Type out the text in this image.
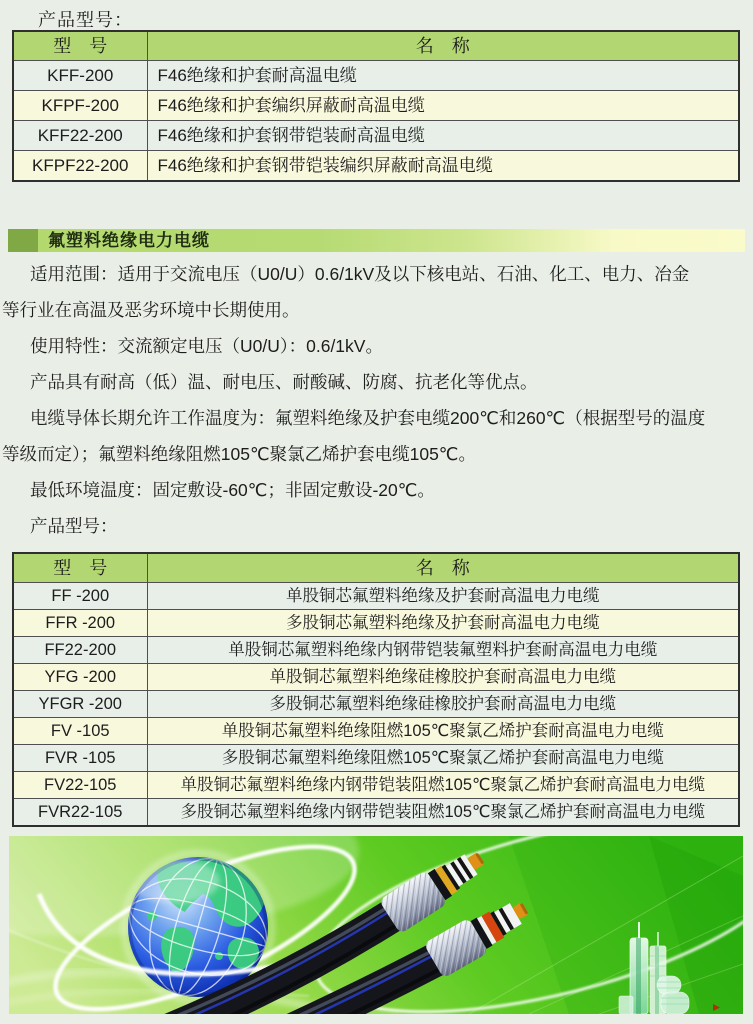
产品型号：
型　号	名　称
KFF-200	F46绝缘和护套耐高温电缆
KFPF-200	F46绝缘和护套编织屏蔽耐高温电缆
KFF22-200	F46绝缘和护套钢带铠装耐高温电缆
KFPF22-200	F46绝缘和护套钢带铠装编织屏蔽耐高温电缆
氟塑料绝缘电力电缆
适用范围：适用于交流电压（U0/U）0.6/1kV及以下核电站、石油、化工、电力、冶金
等行业在高温及恶劣环境中长期使用。
使用特性：交流额定电压（U0/U）：0.6/1kV。
产品具有耐高（低）温、耐电压、耐酸碱、防腐、抗老化等优点。
电缆导体长期允许工作温度为：氟塑料绝缘及护套电缆200℃和260℃（根据型号的温度
等级而定）；氟塑料绝缘阻燃105℃聚氯乙烯护套电缆105℃。
最低环境温度：固定敷设-60℃；非固定敷设-20℃。
产品型号：
型　号	名　称
FF -200	单股铜芯氟塑料绝缘及护套耐高温电力电缆
FFR -200	多股铜芯氟塑料绝缘及护套耐高温电力电缆
FF22-200	单股铜芯氟塑料绝缘内钢带铠装氟塑料护套耐高温电力电缆
YFG -200	单股铜芯氟塑料绝缘硅橡胶护套耐高温电力电缆
YFGR -200	多股铜芯氟塑料绝缘硅橡胶护套耐高温电力电缆
FV -105	单股铜芯氟塑料绝缘阻燃105℃聚氯乙烯护套耐高温电力电缆
FVR -105	多股铜芯氟塑料绝缘阻燃105℃聚氯乙烯护套耐高温电力电缆
FV22-105	单股铜芯氟塑料绝缘内钢带铠装阻燃105℃聚氯乙烯护套耐高温电力电缆
FVR22-105	多股铜芯氟塑料绝缘内钢带铠装阻燃105℃聚氯乙烯护套耐高温电力电缆
